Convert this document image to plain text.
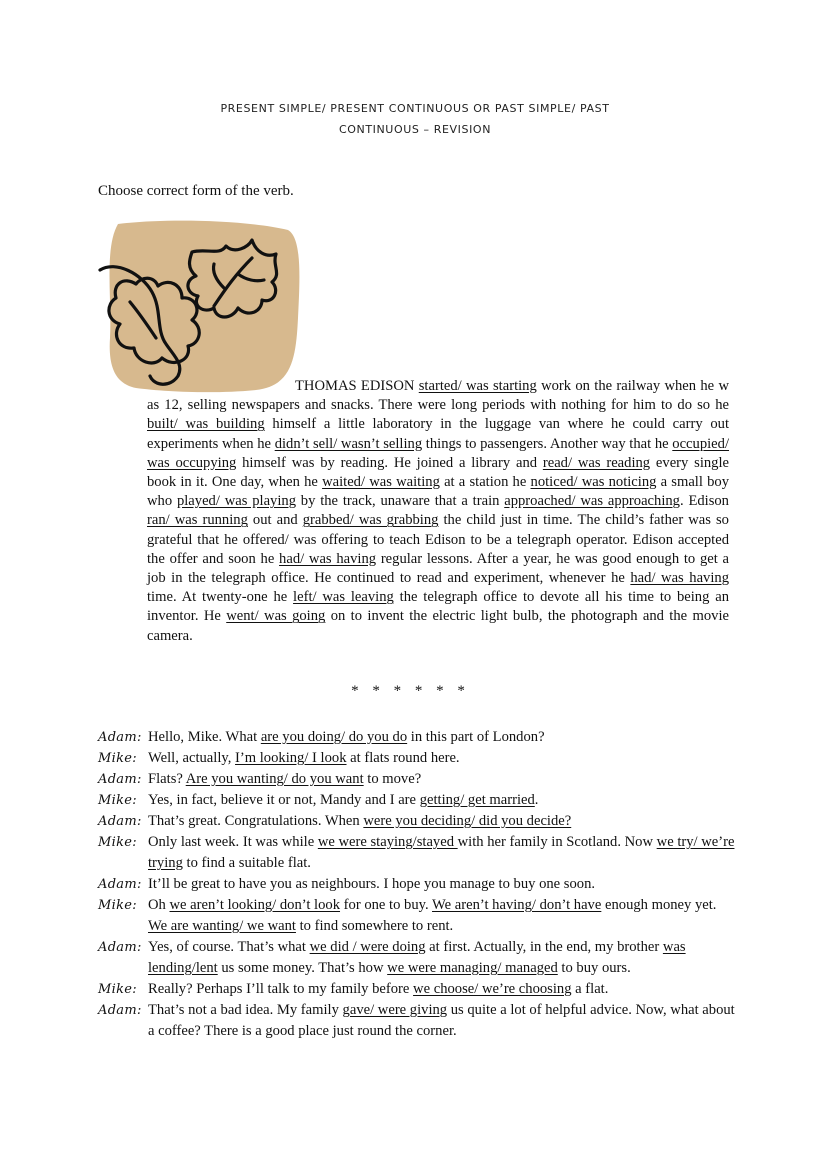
PRESENT SIMPLE/ PRESENT CONTINUOUS OR PAST SIMPLE/ PAST
CONTINUOUS – REVISION
Choose correct form of the verb.
THOMAS EDISON started/ was starting work on the railway when he w as 12, selling newspapers and snacks. There were long periods with nothing for him to do so he built/ was building himself a little laboratory in the luggage van where he could carry out experiments when he didn’t sell/ wasn’t selling things to passengers. Another way that he occupied/ was occupying himself was by reading. He joined a library and read/ was reading every single book in it. One day, when he waited/ was waiting at a station he noticed/ was noticing a small boy who played/ was playing by the track, unaware that a train approached/ was approaching. Edison ran/ was running out and grabbed/ was grabbing the child just in time. The child’s father was so grateful that he offered/ was offering to teach Edison to be a telegraph operator. Edison accepted the offer and soon he had/ was having regular lessons. After a year, he was good enough to get a job in the telegraph office. He continued to read and experiment, whenever he had/ was having time. At twenty-one he left/ was leaving the telegraph office to devote all his time to being an inventor. He went/ was going on to invent the electric light bulb, the photograph and the movie camera.
* * * * * *
Adam: Hello, Mike. What are you doing/ do you do in this part of London?
Mike: Well, actually, I’m looking/ I look at flats round here.
Adam: Flats? Are you wanting/ do you want to move?
Mike: Yes, in fact, believe it or not, Mandy and I are getting/ get married.
Adam: That’s great. Congratulations. When were you deciding/ did you decide?
Mike: Only last week. It was while we were staying/stayed with her family in Scotland. Now we try/ we’re trying to find a suitable flat.
Adam: It’ll be great to have you as neighbours. I hope you manage to buy one soon.
Mike: Oh we aren’t looking/ don’t look for one to buy. We aren’t having/ don’t have enough money yet. We are wanting/ we want to find somewhere to rent.
Adam: Yes, of course. That’s what we did / were doing at first. Actually, in the end, my brother was lending/lent us some money. That’s how we were managing/ managed to buy ours.
Mike: Really? Perhaps I’ll talk to my family before we choose/ we’re choosing a flat.
Adam: That’s not a bad idea. My family gave/ were giving us quite a lot of helpful advice. Now, what about a coffee? There is a good place just round the corner.
